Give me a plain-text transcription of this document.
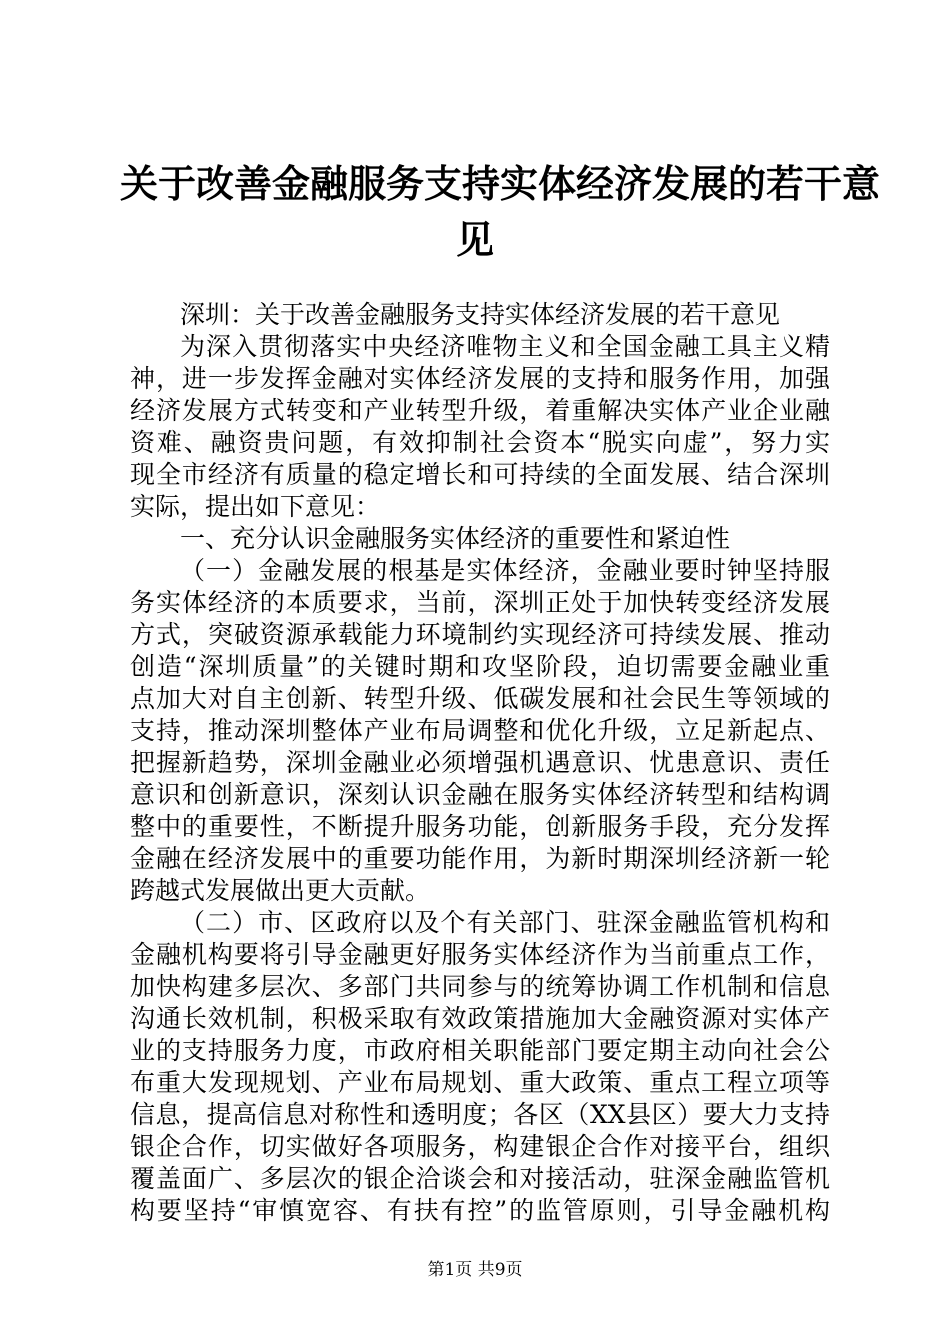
关于改善金融服务支持实体经济发展的若干意
见

深圳：关于改善金融服务支持实体经济发展的若干意见

为深入贯彻落实中央经济唯物主义和全国金融工具主义精

神，进一步发挥金融对实体经济发展的支持和服务作用，加强

经济发展方式转变和产业转型升级，着重解决实体产业企业融

资难、融资贵问题，有效抑制社会资本“脱实向虚”，努力实

现全市经济有质量的稳定增长和可持续的全面发展、结合深圳

实际，提出如下意见：

一、充分认识金融服务实体经济的重要性和紧迫性

（一）金融发展的根基是实体经济，金融业要时钟坚持服

务实体经济的本质要求，当前，深圳正处于加快转变经济发展

方式，突破资源承载能力环境制约实现经济可持续发展、推动

创造“深圳质量”的关键时期和攻坚阶段，迫切需要金融业重

点加大对自主创新、转型升级、低碳发展和社会民生等领域的

支持，推动深圳整体产业布局调整和优化升级，立足新起点、

把握新趋势，深圳金融业必须增强机遇意识、忧患意识、责任

意识和创新意识，深刻认识金融在服务实体经济转型和结构调

整中的重要性，不断提升服务功能，创新服务手段，充分发挥

金融在经济发展中的重要功能作用，为新时期深圳经济新一轮

跨越式发展做出更大贡献。

（二）市、区政府以及个有关部门、驻深金融监管机构和

金融机构要将引导金融更好服务实体经济作为当前重点工作，

加快构建多层次、多部门共同参与的统筹协调工作机制和信息

沟通长效机制，积极采取有效政策措施加大金融资源对实体产

业的支持服务力度，市政府相关职能部门要定期主动向社会公

布重大发现规划、产业布局规划、重大政策、重点工程立项等

信息，提高信息对称性和透明度；各区（XX县区）要大力支持

银企合作，切实做好各项服务，构建银企合作对接平台，组织

覆盖面广、多层次的银企洽谈会和对接活动，驻深金融监管机

构要坚持“审慎宽容、有扶有控”的监管原则，引导金融机构

第1页 共9页
